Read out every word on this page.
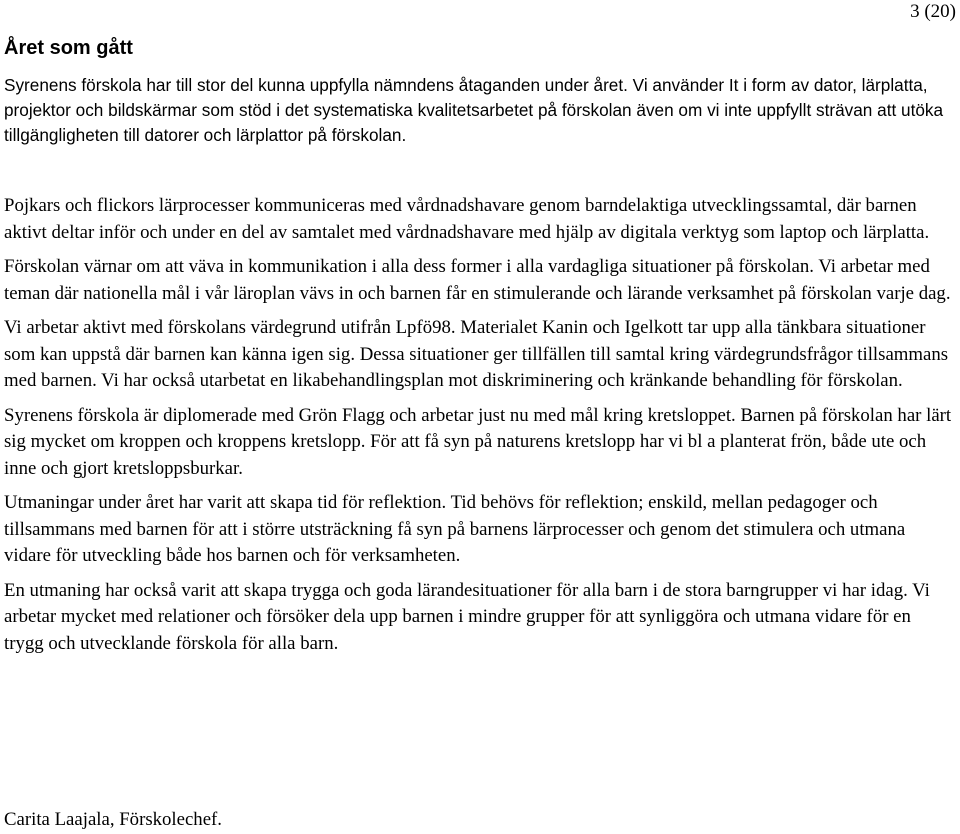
3 (20)
Året som gått

Syrenens förskola har till stor del kunna uppfylla nämndens åtaganden under året. Vi använder It i form av dator, lärplatta, projektor och bildskärmar som stöd i det systematiska kvalitetsarbetet på förskolan även om vi inte uppfyllt strävan att utöka tillgängligheten till datorer och lärplattor på förskolan.

Pojkars och flickors lärprocesser kommuniceras med vårdnadshavare genom barndelaktiga utvecklingssamtal, där barnen aktivt deltar inför och under en del av samtalet med vårdnadshavare med hjälp av digitala verktyg som laptop och lärplatta.

Förskolan värnar om att väva in kommunikation i alla dess former i alla vardagliga situationer på förskolan. Vi arbetar med teman där nationella mål i vår läroplan vävs in och barnen får en stimulerande och lärande verksamhet på förskolan varje dag.

Vi arbetar aktivt med förskolans värdegrund utifrån Lpfö98. Materialet Kanin och Igelkott tar upp alla tänkbara situationer som kan uppstå där barnen kan känna igen sig. Dessa situationer ger tillfällen till samtal kring värdegrundsfrågor tillsammans med barnen. Vi har också utarbetat en likabehandlingsplan mot diskriminering och kränkande behandling för förskolan.

Syrenens förskola är diplomerade med Grön Flagg och arbetar just nu med mål kring kretsloppet. Barnen på förskolan har lärt sig mycket om kroppen och kroppens kretslopp. För att få syn på naturens kretslopp har vi bl a planterat frön, både ute och inne och gjort kretsloppsburkar.

Utmaningar under året har varit att skapa tid för reflektion. Tid behövs för reflektion; enskild, mellan pedagoger och tillsammans med barnen för att i större utsträckning få syn på barnens lärprocesser och genom det stimulera och utmana vidare för utveckling både hos barnen och för verksamheten.

En utmaning har också varit att skapa trygga och goda lärandesituationer för alla barn i de stora barngrupper vi har idag. Vi arbetar mycket med relationer och försöker dela upp barnen i mindre grupper för att synliggöra och utmana vidare för en trygg och utvecklande förskola för alla barn.

Carita Laajala, Förskolechef.
